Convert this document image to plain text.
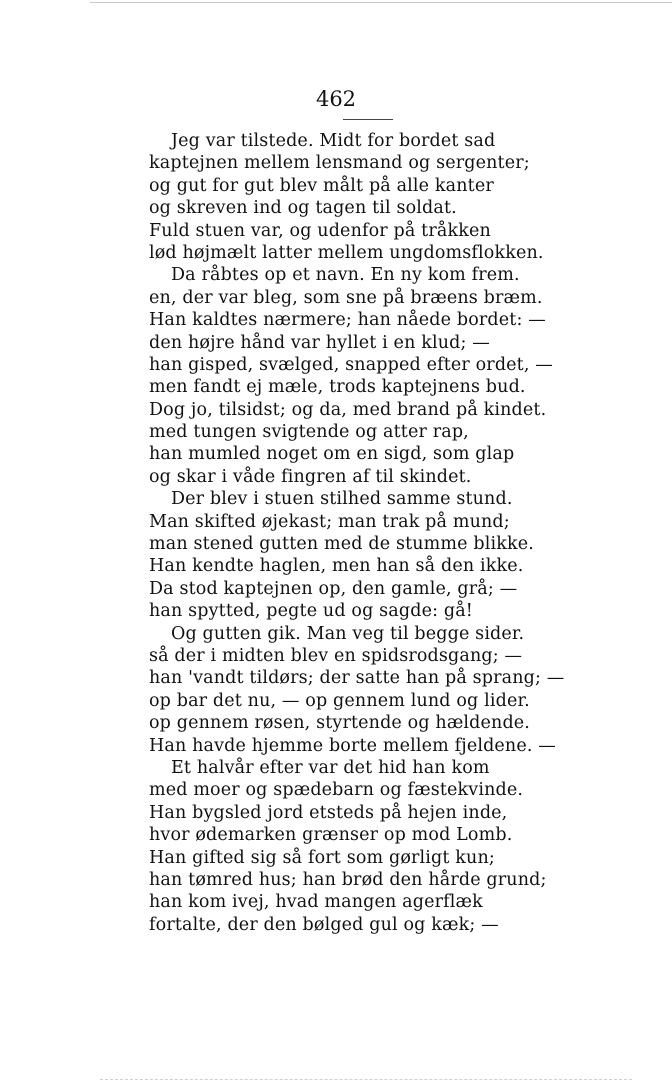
462
Jeg var tilstede. Midt for bordet sad
kaptejnen mellem lensmand og sergenter;
og gut for gut blev målt på alle kanter
og skreven ind og tagen til soldat.
Fuld stuen var, og udenfor på tråkken
lød højmælt latter mellem ungdomsflokken.
Da råbtes op et navn. En ny kom frem.
en, der var bleg, som sne på bræens bræm.
Han kaldtes nærmere; han nåede bordet: —
den højre hånd var hyllet i en klud; —
han gisped, svælged, snapped efter ordet, —
men fandt ej mæle, trods kaptejnens bud.
Dog jo, tilsidst; og da, med brand på kindet.
med tungen svigtende og atter rap,
han mumled noget om en sigd, som glap
og skar i våde fingren af til skindet.
Der blev i stuen stilhed samme stund.
Man skifted øjekast; man trak på mund;
man stened gutten med de stumme blikke.
Han kendte haglen, men han så den ikke.
Da stod kaptejnen op, den gamle, grå; —
han spytted, pegte ud og sagde: gå!
Og gutten gik. Man veg til begge sider.
så der i midten blev en spidsrodsgang; —
han 'vandt tildørs; der satte han på sprang; —
op bar det nu, — op gennem lund og lider.
op gennem røsen, styrtende og hældende.
Han havde hjemme borte mellem fjeldene. —
Et halvår efter var det hid han kom
med moer og spædebarn og fæstekvinde.
Han bygsled jord etsteds på hejen inde,
hvor ødemarken grænser op mod Lomb.
Han gifted sig så fort som gørligt kun;
han tømred hus; han brød den hårde grund;
han kom ivej, hvad mangen agerflæk
fortalte, der den bølged gul og kæk; —
